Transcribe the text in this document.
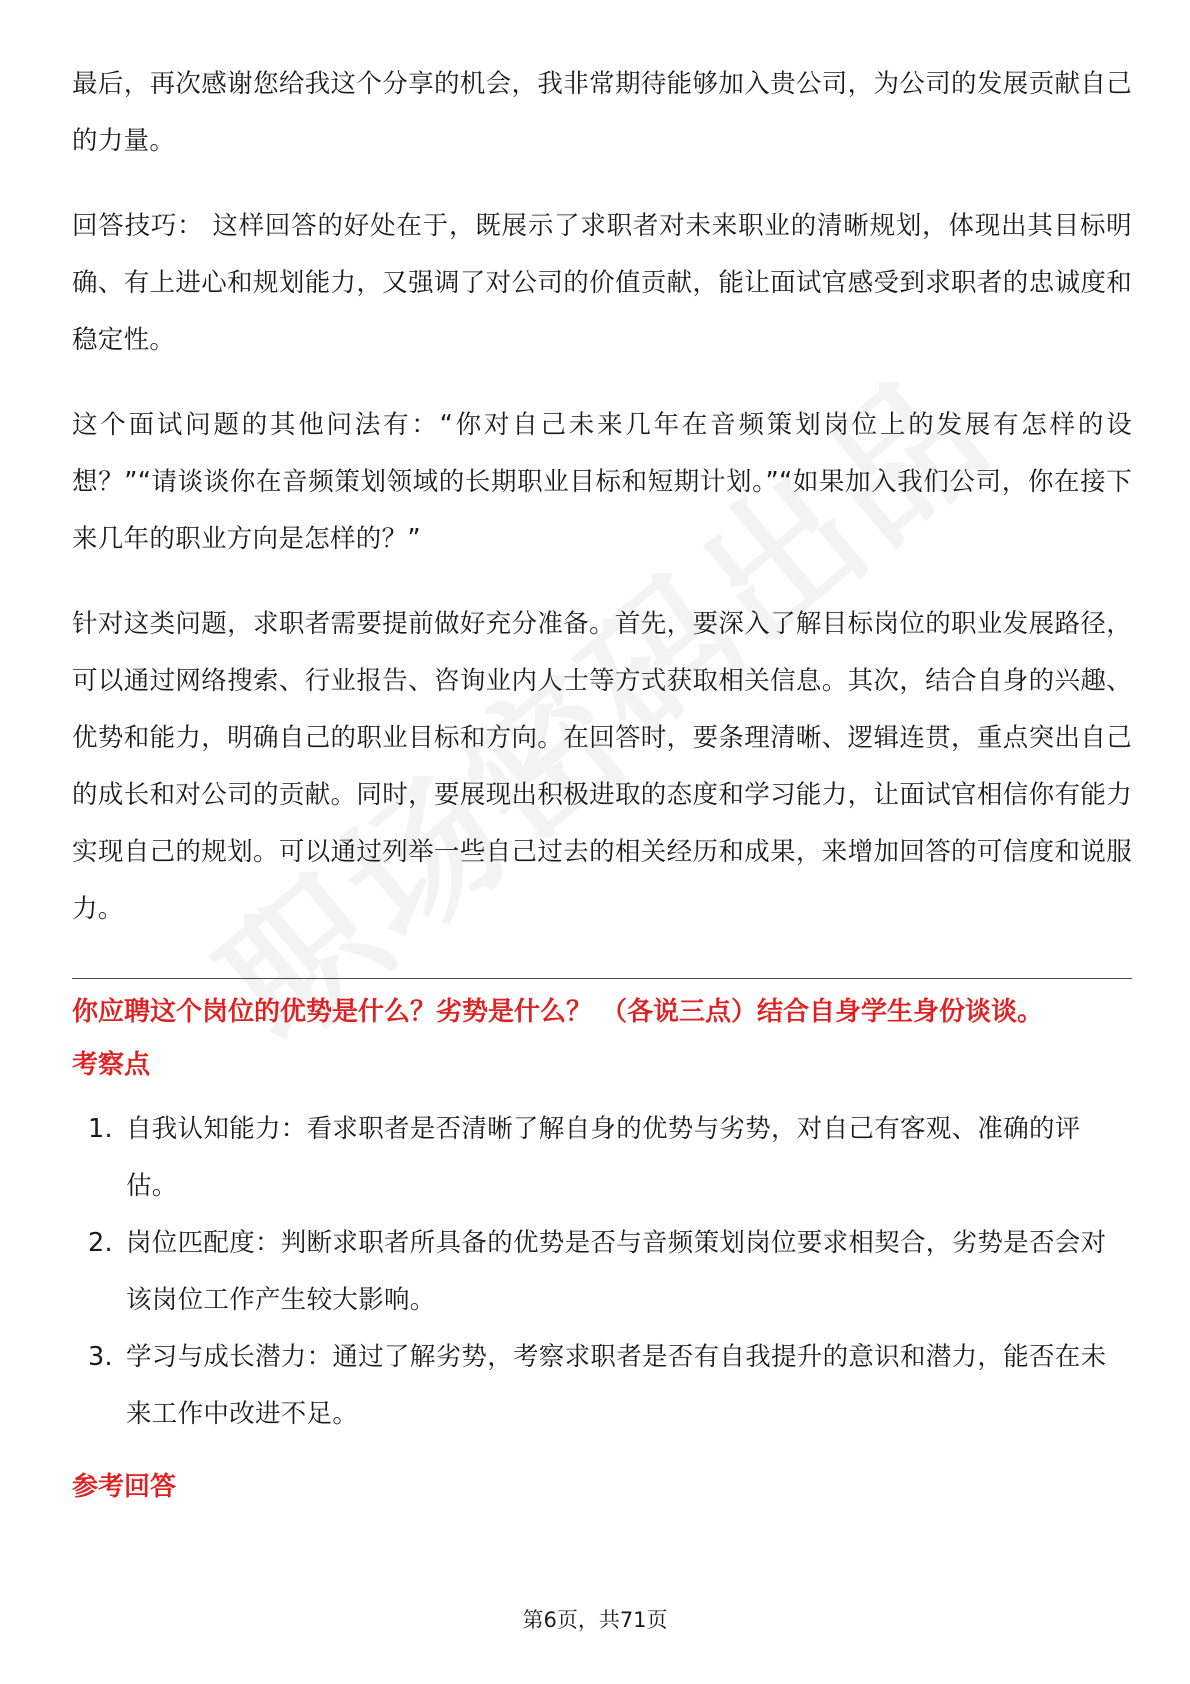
最后，再次感谢您给我这个分享的机会，我非常期待能够加入贵公司，为公司的发展贡献自己的力量。

回答技巧： 这样回答的好处在于，既展示了求职者对未来职业的清晰规划，体现出其目标明确、有上进心和规划能力，又强调了对公司的价值贡献，能让面试官感受到求职者的忠诚度和稳定性。

这个面试问题的其他问法有：“你对自己未来几年在音频策划岗位上的发展有怎样的设想？”“请谈谈你在音频策划领域的长期职业目标和短期计划。”“如果加入我们公司，你在接下来几年的职业方向是怎样的？”

针对这类问题，求职者需要提前做好充分准备。首先，要深入了解目标岗位的职业发展路径，可以通过网络搜索、行业报告、咨询业内人士等方式获取相关信息。其次，结合自身的兴趣、优势和能力，明确自己的职业目标和方向。在回答时，要条理清晰、逻辑连贯，重点突出自己的成长和对公司的贡献。同时，要展现出积极进取的态度和学习能力，让面试官相信你有能力实现自己的规划。可以通过列举一些自己过去的相关经历和成果，来增加回答的可信度和说服力。

你应聘这个岗位的优势是什么？劣势是什么？ （各说三点）结合自身学生身份谈谈。
考察点
1. 自我认知能力：看求职者是否清晰了解自身的优势与劣势，对自己有客观、准确的评估。
2. 岗位匹配度：判断求职者所具备的优势是否与音频策划岗位要求相契合，劣势是否会对该岗位工作产生较大影响。
3. 学习与成长潜力：通过了解劣势，考察求职者是否有自我提升的意识和潜力，能否在未来工作中改进不足。
参考回答
第6页，共71页
